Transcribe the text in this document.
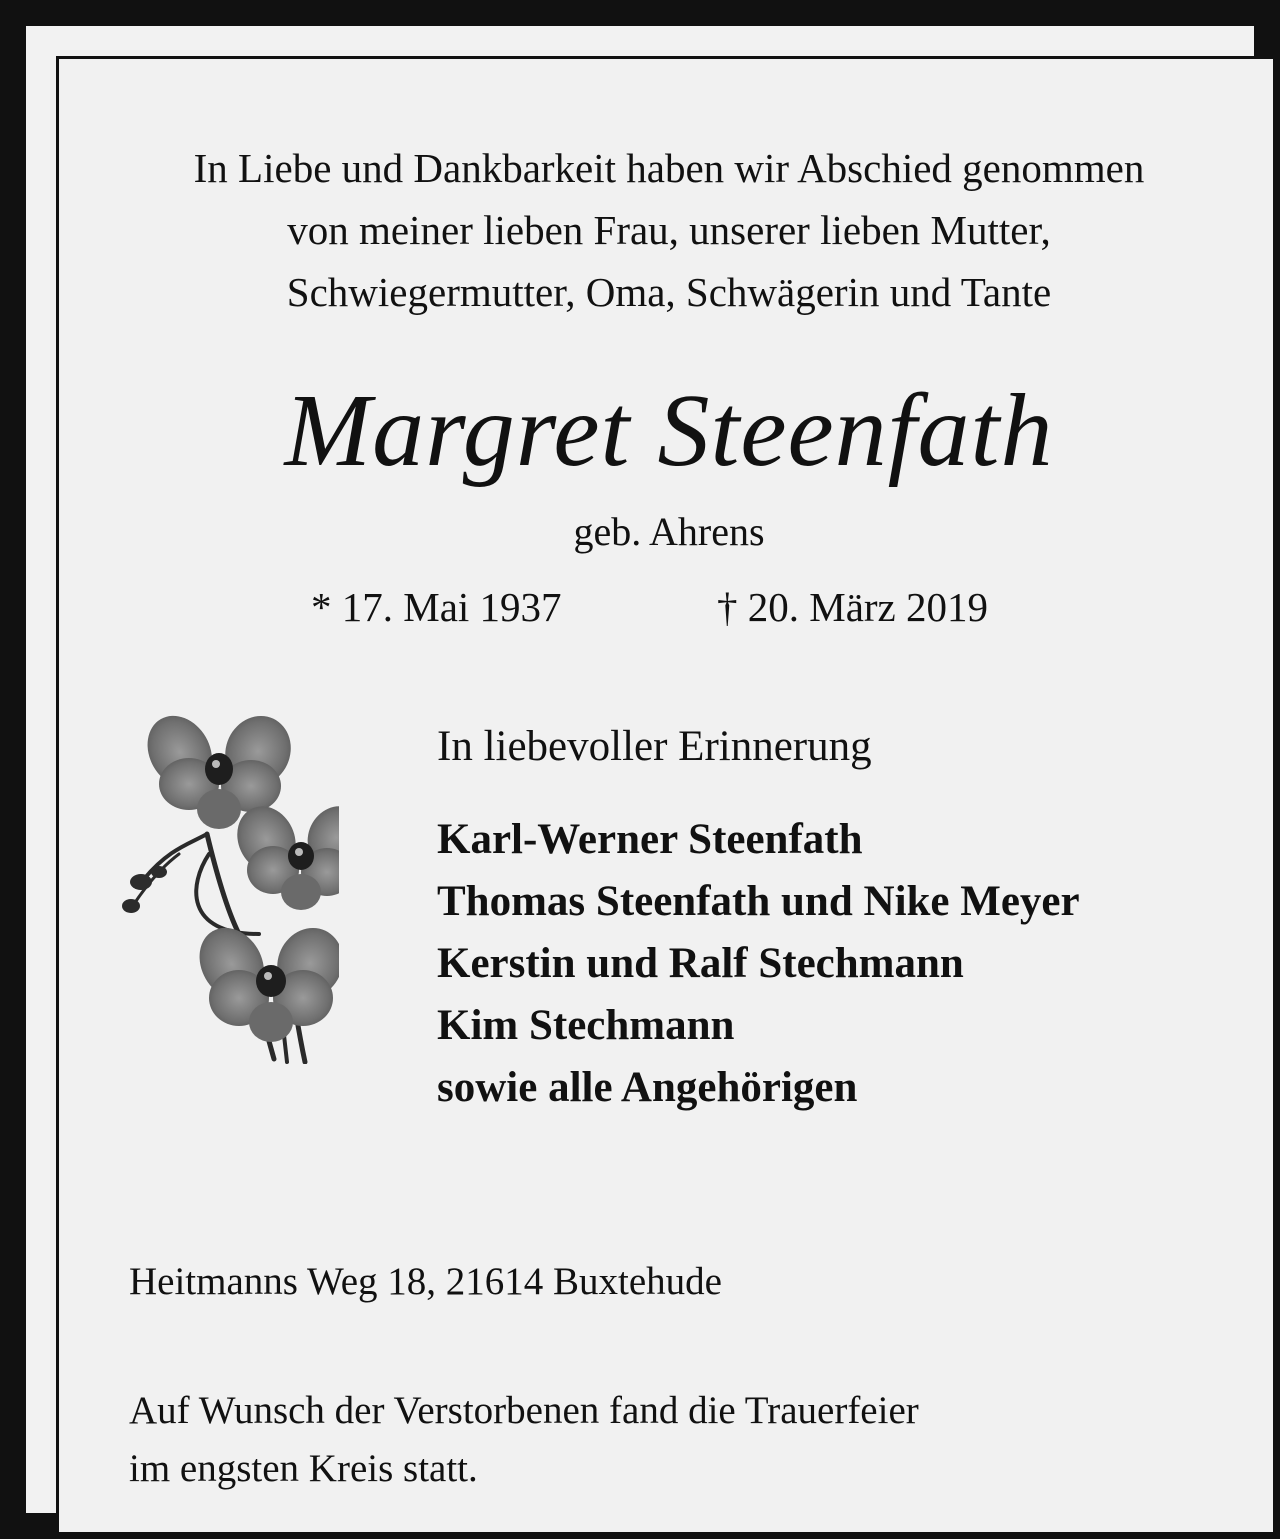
In Liebe und Dankbarkeit haben wir Abschied genommen
von meiner lieben Frau, unserer lieben Mutter,
Schwiegermutter, Oma, Schwägerin und Tante
Margret Steenfath
geb. Ahrens
* 17. Mai 1937	† 20. März 2019
In liebevoller Erinnerung
Karl-Werner Steenfath
Thomas Steenfath und Nike Meyer
Kerstin und Ralf Stechmann
Kim Stechmann
sowie alle Angehörigen
Heitmanns Weg 18, 21614 Buxtehude
Auf Wunsch der Verstorbenen fand die Trauerfeier
im engsten Kreis statt.
